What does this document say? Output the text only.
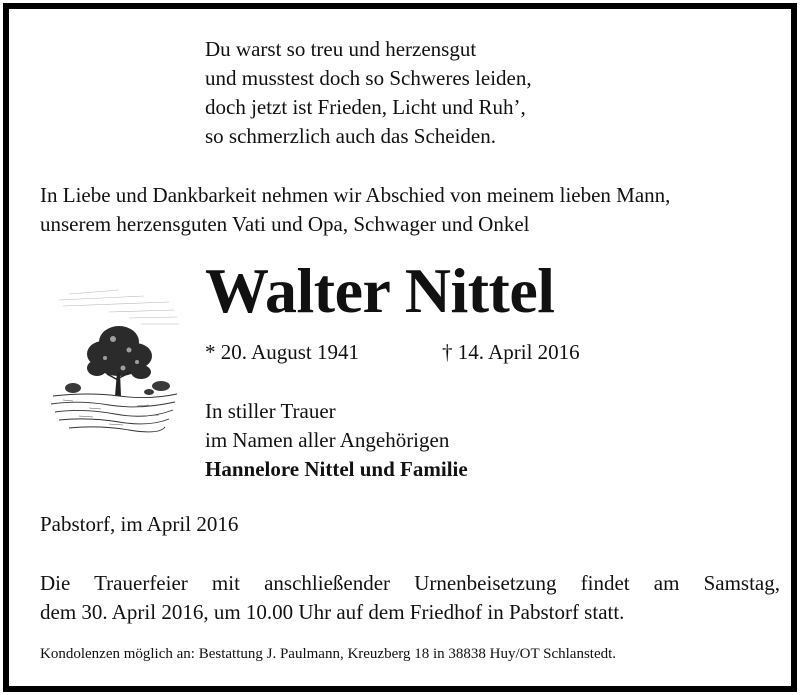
Du warst so treu und herzensgut
und musstest doch so Schweres leiden,
doch jetzt ist Frieden, Licht und Ruh’,
so schmerzlich auch das Scheiden.
In Liebe und Dankbarkeit nehmen wir Abschied von meinem lieben Mann,
unserem herzensguten Vati und Opa, Schwager und Onkel
Walter Nittel
* 20. August 1941	† 14. April 2016
In stiller Trauer
im Namen aller Angehörigen
Hannelore Nittel und Familie
Pabstorf, im April 2016
Die Trauerfeier mit anschließender Urnenbeisetzung findet am Samstag,
dem 30. April 2016, um 10.00 Uhr auf dem Friedhof in Pabstorf statt.
Kondolenzen möglich an: Bestattung J. Paulmann, Kreuzberg 18 in 38838 Huy/OT Schlanstedt.
